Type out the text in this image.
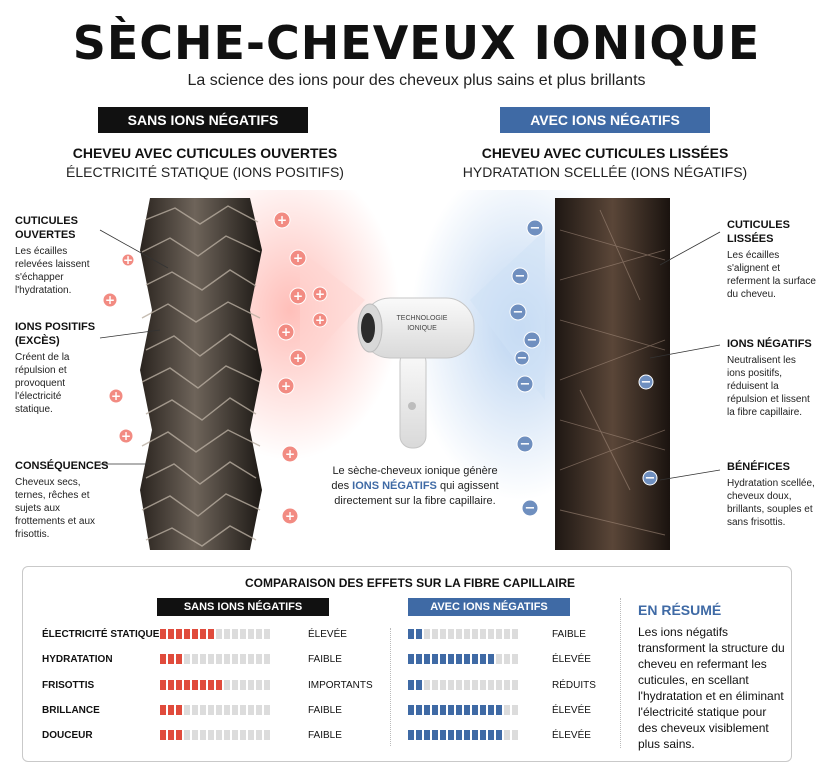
SÈCHE-CHEVEUX IONIQUE
La science des ions pour des cheveux plus sains et plus brillants
SANS IONS NÉGATIFS	AVEC IONS NÉGATIFS
CHEVEU AVEC CUTICULES OUVERTES
ÉLECTRICITÉ STATIQUE (IONS POSITIFS)
CHEVEU AVEC CUTICULES LISSÉES
HYDRATATION SCELLÉE (IONS NÉGATIFS)
+
+
+ +
+
+
+
+
+
+
+
+
+
+
−
−
−
−
−
−
−
−
−
−
TECHNOLOGIE
IONIQUE
CUTICULES OUVERTES
Les écailles relevées laissent s'échapper l'hydratation.
IONS POSITIFS (EXCÈS)
Créent de la répulsion et provoquent l'électricité statique.
CONSÉQUENCES
Cheveux secs, ternes, rêches et sujets aux frottements et aux frisottis.
CUTICULES LISSÉES
Les écailles s'alignent et referment la surface du cheveu.
IONS NÉGATIFS
Neutralisent les ions positifs, réduisent la répulsion et lissent la fibre capillaire.
BÉNÉFICES
Hydratation scellée, cheveux doux, brillants, souples et sans frisottis.
Le sèche-cheveux ionique génère des IONS NÉGATIFS qui agissent directement sur la fibre capillaire.
COMPARAISON DES EFFETS SUR LA FIBRE CAPILLAIRE
SANS IONS NÉGATIFS	AVEC IONS NÉGATIFS
ÉLECTRICITÉ STATIQUE	ÉLEVÉE	FAIBLE
HYDRATATION	FAIBLE	ÉLEVÉE
FRISOTTIS	IMPORTANTS	RÉDUITS
BRILLANCE	FAIBLE	ÉLEVÉE
DOUCEUR	FAIBLE	ÉLEVÉE
EN RÉSUMÉ
Les ions négatifs transforment la structure du cheveu en refermant les cuticules, en scellant l'hydratation et en éliminant l'électricité statique pour des cheveux visiblement plus sains.
